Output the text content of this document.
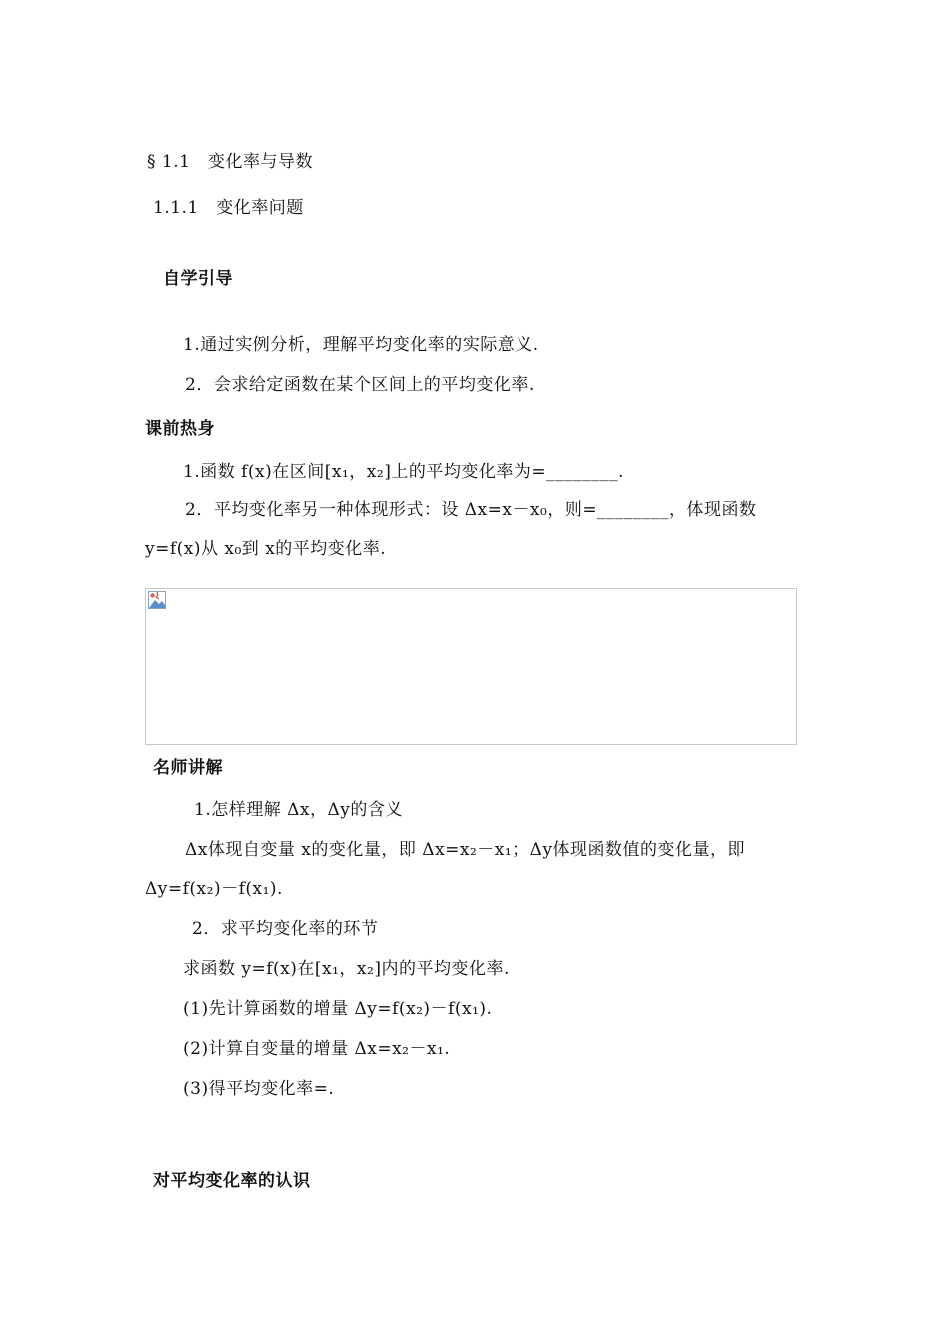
§ 1.1　变化率与导数
1.1.1　变化率问题
自学引导
1.通过实例分析，理解平均变化率的实际意义.
2．会求给定函数在某个区间上的平均变化率.
课前热身
1.函数 f(x)在区间[x₁，x₂]上的平均变化率为=________.
2．平均变化率另一种体现形式：设 Δx=x－x₀，则=________，体现函数
y=f(x)从 x₀到 x的平均变化率.
名师讲解
1.怎样理解 Δx，Δy的含义
Δx体现自变量 x的变化量，即 Δx=x₂－x₁；Δy体现函数值的变化量，即
Δy=f(x₂)－f(x₁).
2．求平均变化率的环节
求函数 y=f(x)在[x₁，x₂]内的平均变化率.
(1)先计算函数的增量 Δy=f(x₂)－f(x₁).
(2)计算自变量的增量 Δx=x₂－x₁.
(3)得平均变化率=.
对平均变化率的认识
